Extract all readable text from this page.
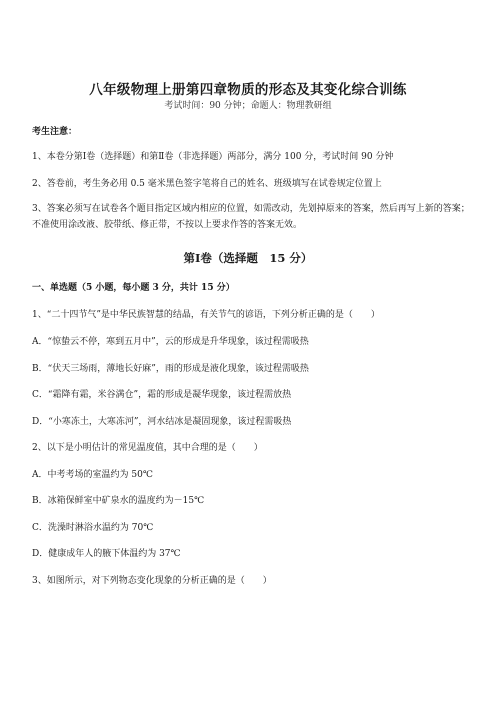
八年级物理上册第四章物质的形态及其变化综合训练
考试时间：90 分钟；命题人：物理教研组
考生注意：
1、本卷分第Ⅰ卷（选择题）和第Ⅱ卷（非选择题）两部分，满分 100 分，考试时间 90 分钟
2、答卷前，考生务必用 0.5 毫米黑色签字笔将自己的姓名、班级填写在试卷规定位置上
3、答案必须写在试卷各个题目指定区域内相应的位置，如需改动，先划掉原来的答案，然后再写上新的答案；不准使用涂改液、胶带纸、修正带，不按以上要求作答的答案无效。
第Ⅰ卷（选择题　15 分）
一、单选题（5 小题，每小题 3 分，共计 15 分）
1、“二十四节气”是中华民族智慧的结晶，有关节气的谚语，下列分析正确的是（　　）
A．“惊蛰云不停，寒到五月中”，云的形成是升华现象，该过程需吸热
B．“伏天三场雨，薄地长好麻”，雨的形成是液化现象，该过程需吸热
C．“霜降有霜，米谷满仓”，霜的形成是凝华现象，该过程需放热
D．“小寒冻土，大寒冻河”，河水结冰是凝固现象，该过程需吸热
2、以下是小明估计的常见温度值，其中合理的是（　　）
A．中考考场的室温约为 50℃
B．冰箱保鲜室中矿泉水的温度约为－15℃
C．洗澡时淋浴水温约为 70℃
D．健康成年人的腋下体温约为 37℃
3、如图所示，对下列物态变化现象的分析正确的是（　　）
